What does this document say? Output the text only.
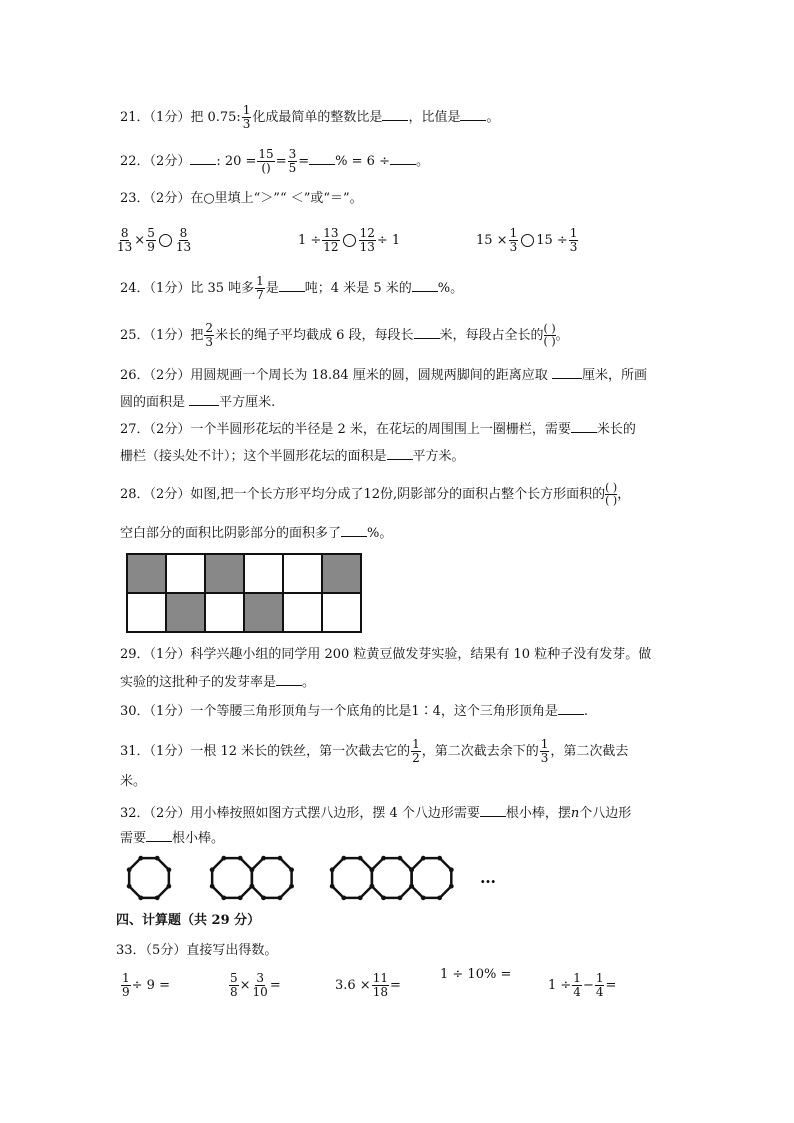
21．（1分）把 0.75: $\frac{1}{3}$ 化成最简单的整数比是 ，比值是 。
22．（2分） : $20 = \frac{15}{()} = \frac{3}{5}$ = % = 6 ÷ 。
23．（2分）在○里填上“＞”“ ＜”或“＝”。
$\frac{8}{13} \times \frac{5}{9} \frac{8}{13}$	$1 \div \frac{13}{12} \frac{12}{13} \div 1$	$15 \times \frac{1}{3} 15 \div \frac{1}{3}$
24．（1分）比 35 吨多 $\frac{1}{7}$ 是 吨；4 米是 5 米的 %。
25．（1分）把 $\frac{2}{3}$ 米长的绳子平均截成 6 段，每段长 米，每段占全长的 ( )
( ) 。
26．（2分）用圆规画一个周长为 18.84 厘米的圆，圆规两脚间的距离应取	厘米，所画
圆的面积是	平方厘米.
27．（2分）一个半圆形花坛的半径是 2 米，在花坛的周围围上一圈栅栏，需要 米长的
栅栏（接头处不计）；这个半圆形花坛的面积是 平方米。
28．（2分）如图,把一个长方形平均分成了12份,阴影部分的面积占整个长方形面积的 ( )
( ) ，
空白部分的面积比阴影部分的面积多了 %。

29．（1分）科学兴趣小组的同学用 200 粒黄豆做发芽实验，结果有 10 粒种子没有发芽。做
实验的这批种子的发芽率是 。
30．（1分）一个等腰三角形顶角与一个底角的比是1∶4，这个三角形顶角是 .
31．（1分）一根 12 米长的铁丝，第一次截去它的 $\frac{1}{2}$ ，第二次截去余下的 $\frac{1}{3}$ ，第二次截去
米。
32．（2分）用小棒按照如图方式摆八边形，摆 4 个八边形需要 根小棒，摆n个八边形
需要 根小棒。
…
四、计算题（共 29 分）
33．（5分）直接写出得数。
$\frac{1}{9} \div 9$ =	$\frac{5}{8} \times \frac{3}{10}$ =	$3.6 \times \frac{11}{18}$ =
1 ÷ 10% =
$1 \div \frac{1}{4} - \frac{1}{4}$ =
